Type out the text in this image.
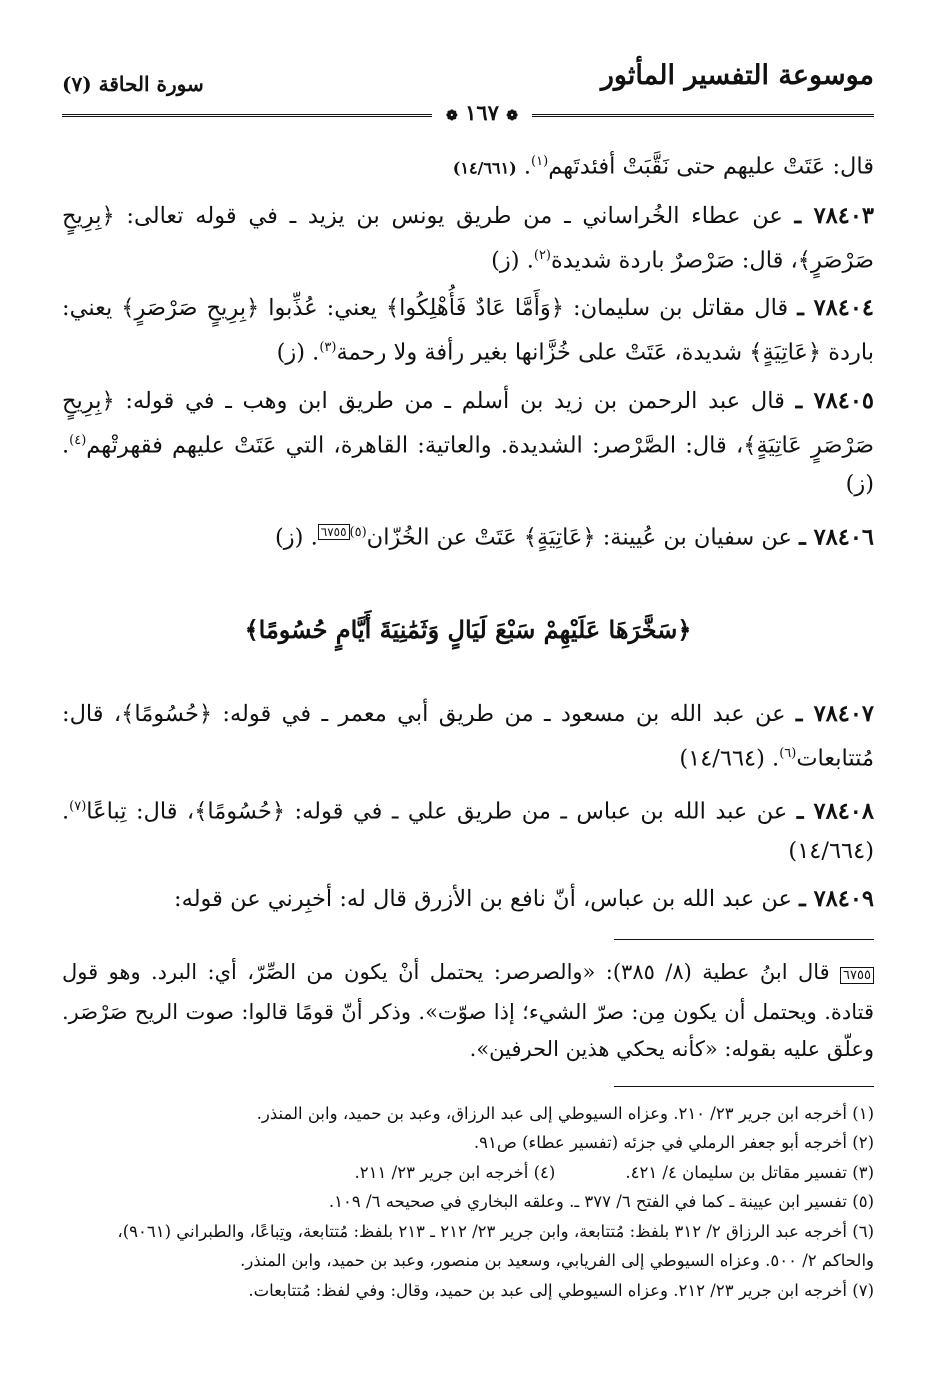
موسوعة التفسير المأثور
سورة الحاقة (٧)
❁ ١٦٧ ❁

قال: عَتَتْ عليهم حتى نَقَّبَتْ أفئدتَهم$^{(١)}$. (١٤/٦٦١)

٧٨٤٠٣ ـ عن عطاء الخُراساني ـ من طريق يونس بن يزيد ـ في قوله تعالى: ﴿بِرِيحٍ صَرْصَرٍ﴾، قال: صَرْصرٌ باردة شديدة$^{(٢)}$. (ز)

٧٨٤٠٤ ـ قال مقاتل بن سليمان: ﴿وَأَمَّا عَادٌ فَأُهْلِكُوا﴾ يعني: عُذِّبوا ﴿بِرِيحٍ صَرْصَرٍ﴾ يعني: باردة ﴿عَاتِيَةٍ﴾ شديدة، عَتَتْ على خُزَّانها بغير رأفة ولا رحمة$^{(٣)}$. (ز)

٧٨٤٠٥ ـ قال عبد الرحمن بن زيد بن أسلم ـ من طريق ابن وهب ـ في قوله: ﴿بِرِيحٍ صَرْصَرٍ عَاتِيَةٍ﴾، قال: الصَّرْصر: الشديدة. والعاتية: القاهرة، التي عَتَتْ عليهم فقهرتْهم$^{(٤)}$. (ز)

٧٨٤٠٦ ـ عن سفيان بن عُيينة: ﴿عَاتِيَةٍ﴾ عَتَتْ عن الخُزّان$^{(٥)٦٧٥٥}$. (ز)

﴿سَخَّرَهَا عَلَيْهِمْ سَبْعَ لَيَالٍ وَثَمَٰنِيَةَ أَيَّامٍ حُسُومًا﴾

٧٨٤٠٧ ـ عن عبد الله بن مسعود ـ من طريق أبي معمر ـ في قوله: ﴿حُسُومًا﴾، قال: مُتتابعات$^{(٦)}$. (١٤/٦٦٤)

٧٨٤٠٨ ـ عن عبد الله بن عباس ـ من طريق علي ـ في قوله: ﴿حُسُومًا﴾، قال: تِباعًا$^{(٧)}$. (١٤/٦٦٤)

٧٨٤٠٩ ـ عن عبد الله بن عباس، أنّ نافع بن الأزرق قال له: أخبِرني عن قوله:

٦٧٥٥ قال ابنُ عطية (٨/ ٣٨٥): «والصرصر: يحتمل أنْ يكون من الصِّرّ، أي: البرد. وهو قول قتادة. ويحتمل أن يكون مِن: صرّ الشيء؛ إذا صوّت». وذكر أنّ قومًا قالوا: صوت الريح صَرْصَر. وعلّق عليه بقوله: «كأنه يحكي هذين الحرفين».

(١) أخرجه ابن جرير ٢٣/ ٢١٠. وعزاه السيوطي إلى عبد الرزاق، وعبد بن حميد، وابن المنذر.

(٢) أخرجه أبو جعفر الرملي في جزئه (تفسير عطاء) ص٩١.

(٣) تفسير مقاتل بن سليمان ٤/ ٤٢١.

(٤) أخرجه ابن جرير ٢٣/ ٢١١.

(٥) تفسير ابن عيينة ـ كما في الفتح ٦/ ٣٧٧ ـ. وعلقه البخاري في صحيحه ٦/ ١٠٩.

(٦) أخرجه عبد الرزاق ٢/ ٣١٢ بلفظ: مُتتابعة، وابن جرير ٢٣/ ٢١٢ ـ ٢١٣ بلفظ: مُتتابعة، وتِباعًا، والطبراني (٩٠٦١)، والحاكم ٢/ ٥٠٠. وعزاه السيوطي إلى الفريابي، وسعيد بن منصور، وعبد بن حميد، وابن المنذر.

(٧) أخرجه ابن جرير ٢٣/ ٢١٢. وعزاه السيوطي إلى عبد بن حميد، وقال: وفي لفظ: مُتتابعات.
